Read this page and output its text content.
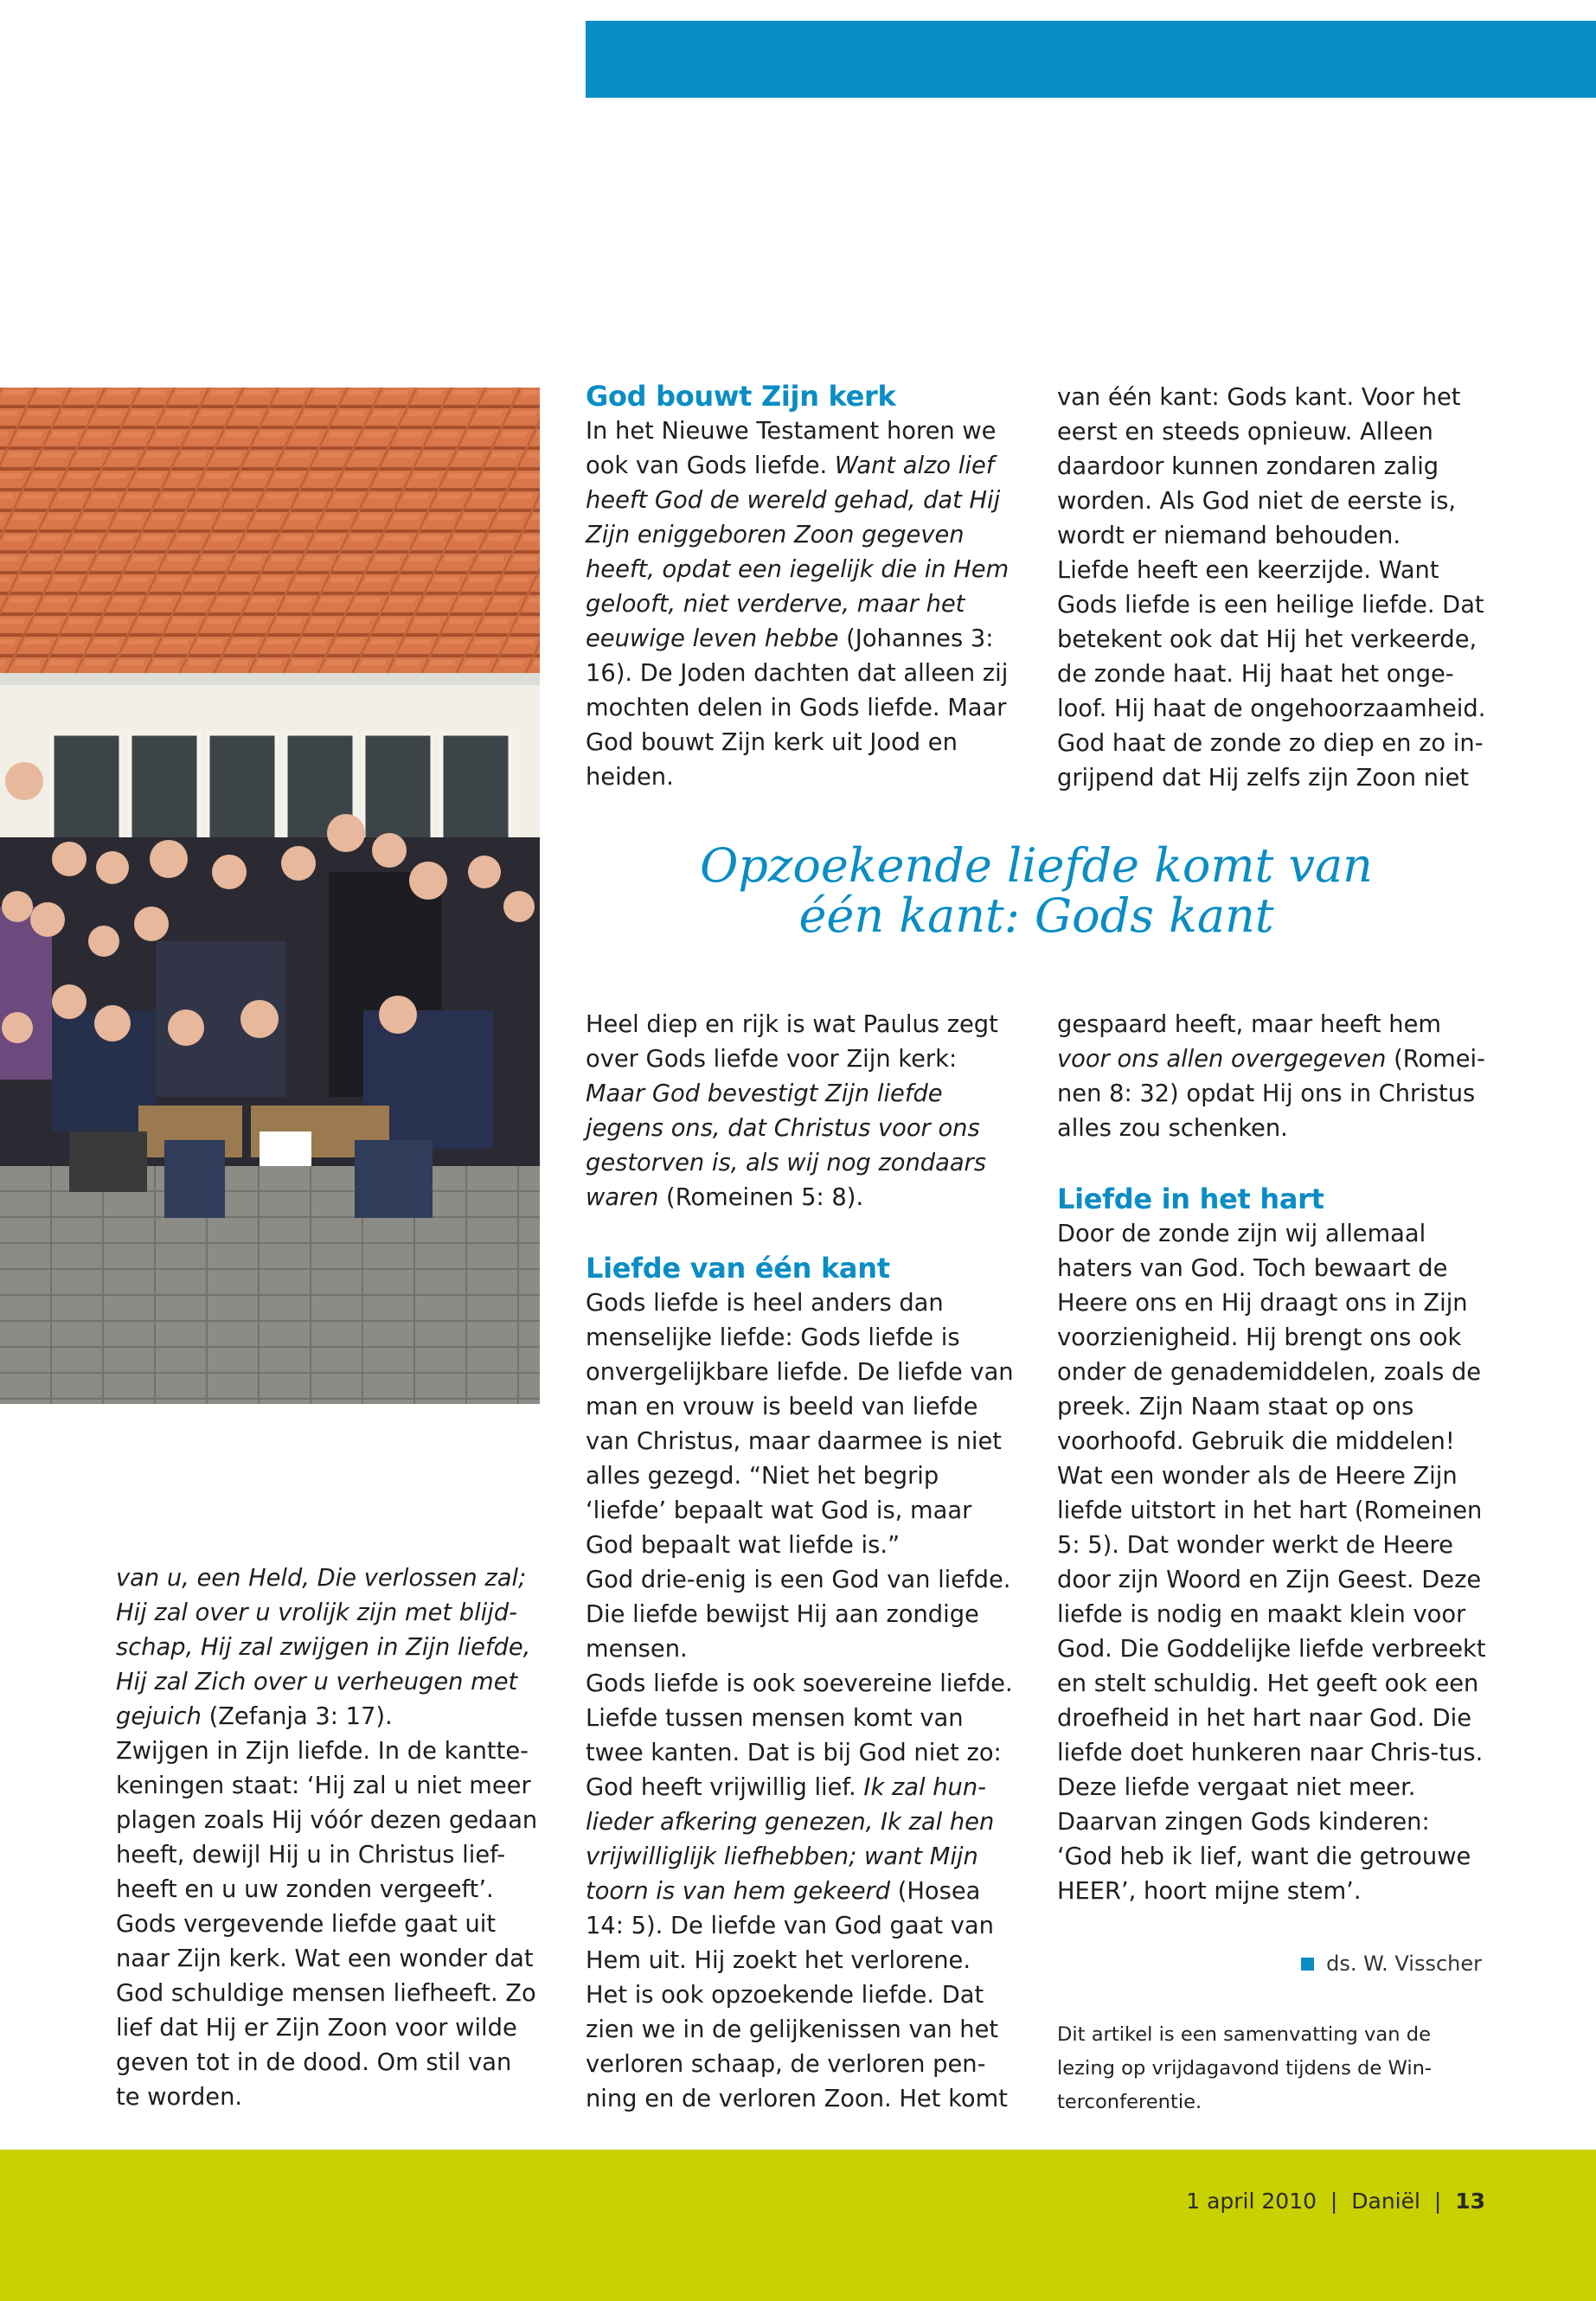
van u, een Held, Die verlossen zal; Hij zal over u vrolijk zijn met blijd-schap, Hij zal zwijgen in Zijn liefde, Hij zal Zich over u verheugen met gejuich (Zefanja 3: 17).

Zwijgen in Zijn liefde. In de kantte-keningen staat: ‘Hij zal u niet meer plagen zoals Hij vóór dezen gedaan heeft, dewijl Hij u in Christus lief-heeft en u uw zonden vergeeft’.

Gods vergevende liefde gaat uit naar Zijn kerk. Wat een wonder dat God schuldige mensen liefheeft. Zo lief dat Hij er Zijn Zoon voor wilde geven tot in de dood. Om stil van te worden.

God bouwt Zijn kerk

In het Nieuwe Testament horen we ook van Gods liefde. Want alzo lief heeft God de wereld gehad, dat Hij Zijn eniggeboren Zoon gegeven heeft, opdat een iegelijk die in Hem gelooft, niet verderve, maar het eeuwige leven hebbe (Johannes 3: 16). De Joden dachten dat alleen zij mochten delen in Gods liefde. Maar God bouwt Zijn kerk uit Jood en heiden.

van één kant: Gods kant. Voor het eerst en steeds opnieuw. Alleen daardoor kunnen zondaren zalig worden. Als God niet de eerste is, wordt er niemand behouden.

Liefde heeft een keerzijde. Want Gods liefde is een heilige liefde. Dat betekent ook dat Hij het verkeerde, de zonde haat. Hij haat het onge-loof. Hij haat de ongehoorzaamheid. God haat de zonde zo diep en zo in-grijpend dat Hij zelfs zijn Zoon niet

Opzoekende liefde komt van
één kant: Gods kant

Heel diep en rijk is wat Paulus zegt over Gods liefde voor Zijn kerk: Maar God bevestigt Zijn liefde jegens ons, dat Christus voor ons gestorven is, als wij nog zondaars waren (Romeinen 5: 8).

Liefde van één kant

Gods liefde is heel anders dan menselijke liefde: Gods liefde is onvergelijkbare liefde. De liefde van man en vrouw is beeld van liefde van Christus, maar daarmee is niet alles gezegd. “Niet het begrip ‘liefde’ bepaalt wat God is, maar God bepaalt wat liefde is.”

God drie-enig is een God van liefde. Die liefde bewijst Hij aan zondige mensen.

Gods liefde is ook soevereine liefde. Liefde tussen mensen komt van twee kanten. Dat is bij God niet zo: God heeft vrijwillig lief. Ik zal hun-lieder afkering genezen, Ik zal hen vrijwilliglijk liefhebben; want Mijn toorn is van hem gekeerd (Hosea 14: 5). De liefde van God gaat van Hem uit. Hij zoekt het verlorene. Het is ook opzoekende liefde. Dat zien we in de gelijkenissen van het verloren schaap, de verloren pen-ning en de verloren Zoon. Het komt

gespaard heeft, maar heeft hem voor ons allen overgegeven (Romei-nen 8: 32) opdat Hij ons in Christus alles zou schenken.

Liefde in het hart

Door de zonde zijn wij allemaal haters van God. Toch bewaart de Heere ons en Hij draagt ons in Zijn voorzienigheid. Hij brengt ons ook onder de genademiddelen, zoals de preek. Zijn Naam staat op ons voorhoofd. Gebruik die middelen! Wat een wonder als de Heere Zijn liefde uitstort in het hart (Romeinen 5: 5). Dat wonder werkt de Heere door zijn Woord en Zijn Geest. Deze liefde is nodig en maakt klein voor God. Die Goddelijke liefde verbreekt en stelt schuldig. Het geeft ook een droefheid in het hart naar God. Die liefde doet hunkeren naar Chris-tus. Deze liefde vergaat niet meer. Daarvan zingen Gods kinderen: ‘God heb ik lief, want die getrouwe HEER’, hoort mijne stem’.

ds. W. Visscher
Dit artikel is een samenvatting van de lezing op vrijdagavond tijdens de Win-terconferentie.
1 april 2010 | Daniël | 13
